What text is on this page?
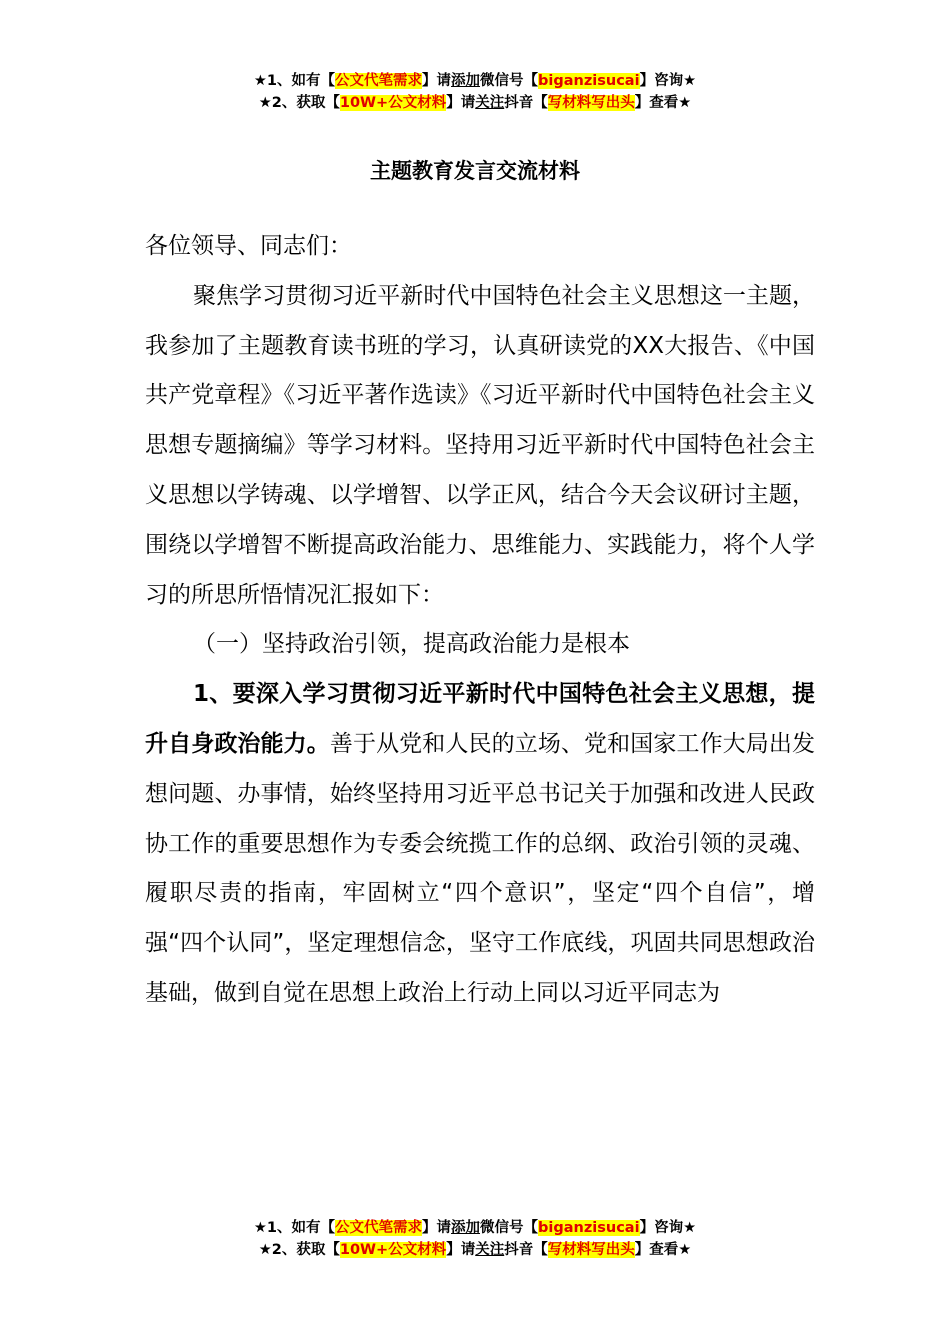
★1、如有【公文代笔需求】请添加微信号【biganzisucai】咨询★
★2、获取【10W+公文材料】请关注抖音【写材料写出头】查看★
主题教育发言交流材料

各位领导、同志们：

聚焦学习贯彻习近平新时代中国特色社会主义思想这一主题，我参加了主题教育读书班的学习，认真研读党的XX大报告、《中国共产党章程》《习近平著作选读》《习近平新时代中国特色社会主义思想专题摘编》等学习材料。坚持用习近平新时代中国特色社会主义思想以学铸魂、以学增智、以学正风，结合今天会议研讨主题，围绕以学增智不断提高政治能力、思维能力、实践能力，将个人学习的所思所悟情况汇报如下：

（一）坚持政治引领，提高政治能力是根本

1、要深入学习贯彻习近平新时代中国特色社会主义思想，提升自身政治能力。善于从党和人民的立场、党和国家工作大局出发想问题、办事情，始终坚持用习近平总书记关于加强和改进人民政协工作的重要思想作为专委会统揽工作的总纲、政治引领的灵魂、履职尽责的指南，牢固树立“四个意识”，坚定“四个自信”，增强“四个认同”，坚定理想信念，坚守工作底线，巩固共同思想政治基础，做到自觉在思想上政治上行动上同以习近平同志为

★1、如有【公文代笔需求】请添加微信号【biganzisucai】咨询★
★2、获取【10W+公文材料】请关注抖音【写材料写出头】查看★
